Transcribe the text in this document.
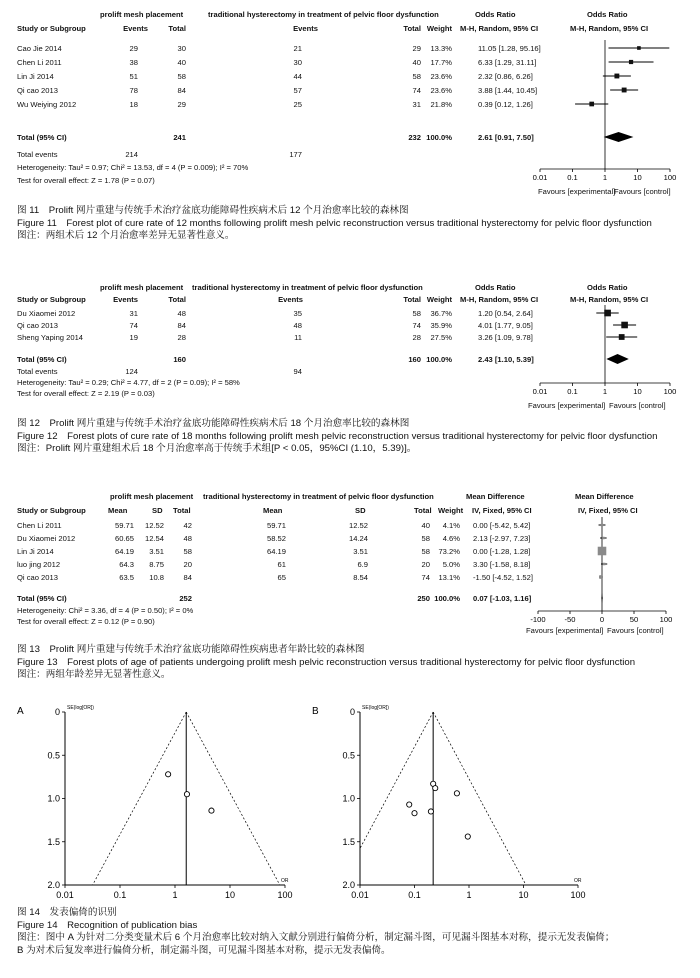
prolift mesh placement	traditional hysterectomy in treatment of pelvic floor dysfunction	Odds Ratio	Odds Ratio
Study or Subgroup	Events	Total	Events	Total Weight M-H, Random, 95% CI	M-H, Random, 95% CI
Cao Jie 2014	29	30	21	29	13.3%	11.05 [1.28, 95.16]
Chen Li 2011	38	40	30	40	17.7%	6.33 [1.29, 31.11]
Lin Ji 2014	51	58	44	58	23.6%	2.32 [0.86, 6.26]
Qi cao 2013	78	84	57	74	23.6%	3.88 [1.44, 10.45]
Wu Weiying 2012	18	29	25	31	21.8%	0.39 [0.12, 1.26]
Total (95% CI)	241	232 100.0%	2.61 [0.91, 7.50]
Total events	214	177
Heterogeneity: Tau² = 0.97; Chi² = 13.53, df = 4 (P = 0.009); I² = 70%
Test for overall effect: Z = 1.78 (P = 0.07)	0.01	0.1	1	10	100
Favours [experimental]
Favours [control]

图 11　Prolift 网片重建与传统手术治疗盆底功能障碍性疾病术后 12 个月治愈率比较的森林图

Figure 11　Forest plot of cure rate of 12 months following prolift mesh pelvic reconstruction versus traditional hysterectomy for pelvic floor dysfunction

图注：两组术后 12 个月治愈率差异无显著性意义。

prolift mesh placement traditional hysterectomy in treatment of pelvic floor dysfunction	Odds Ratio	Odds Ratio
Study or Subgroup	Events	Total	Events	Total Weight M-H, Random, 95% CI	M-H, Random, 95% CI
Du Xiaomei 2012	31	48	35	58	36.7%	1.20 [0.54, 2.64]
Qi cao 2013	74	84	48	74	35.9%	4.01 [1.77, 9.05]
Sheng Yaping 2014	19	28	11	28	27.5%	3.26 [1.09, 9.78]
Total (95% CI)	160	160 100.0%	2.43 [1.10, 5.39]
Total events	124	94
Heterogeneity: Tau² = 0.29; Chi² = 4.77, df = 2 (P = 0.09); I² = 58%
Test for overall effect: Z = 2.19 (P = 0.03)	0.01	0.1	1	10	100
Favours [experimental] Favours [control]

图 12　Prolift 网片重建与传统手术治疗盆底功能障碍性疾病术后 18 个月治愈率比较的森林图

Figure 12　Forest plots of cure rate of 18 months following prolift mesh pelvic reconstruction versus traditional hysterectomy for pelvic floor dysfunction

图注：Prolift 网片重建组术后 18 个月治愈率高于传统手术组[P < 0.05，95%CI (1.10，5.39)]。

prolift mesh placement traditional hysterectomy in treatment of pelvic floor dysfunction	Mean Difference	Mean Difference
Study or Subgroup	Mean	SD Total	Mean	SD	Total Weight IV, Fixed, 95% CI	IV, Fixed, 95% CI
Chen Li 2011	59.71	12.52	42	59.71	12.52	40	4.1% 0.00 [-5.42, 5.42]
Du Xiaomei 2012	60.65	12.54	48	58.52	14.24	58	4.6% 2.13 [-2.97, 7.23]
Lin Ji 2014	64.19	3.51	58	64.19	3.51	58	73.2% 0.00 [-1.28, 1.28]
luo jing 2012	64.3	8.75	20	61	6.9	20	5.0% 3.30 [-1.58, 8.18]
Qi cao 2013	63.5	10.8	84	65	8.54	74	13.1% -1.50 [-4.52, 1.52]
Total (95% CI)	252	250 100.0% 0.07 [-1.03, 1.16]
Heterogeneity: Chi² = 3.36, df = 4 (P = 0.50); I² = 0%
Test for overall effect: Z = 0.12 (P = 0.90)	-100 -50	0	50	100
Favours [experimental] Favours [control]

图 13　Prolift 网片重建与传统手术治疗盆底功能障碍性疾病患者年龄比较的森林图

Figure 13　Forest plots of age of patients undergoing prolift mesh pelvic reconstruction versus traditional hysterectomy for pelvic floor dysfunction

图注：两组年龄差异无显著性意义。

A	SE(log[OR])
OR
0
0.5
1.0
1.5
2.0
0.01	0.1	1	10	100
B	SE(log[OR])
OR
0
0.5
1.0
1.5
2.0
0.01	0.1	1	10	100

图 14　发表偏倚的识别

Figure 14　Recognition of publication bias

图注：图中 A 为针对二分类变量术后 6 个月治愈率比较对纳入文献分别进行偏倚分析，制定漏斗图，可见漏斗图基本对称，提示无发表偏倚；

B 为对术后复发率进行偏倚分析，制定漏斗图，可见漏斗图基本对称，提示无发表偏倚。
